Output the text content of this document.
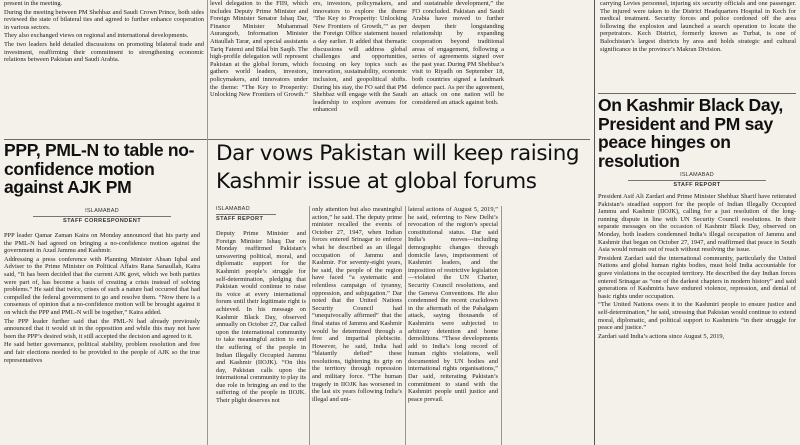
present in the meeting.

During the meeting between PM Shehbaz and Saudi Crown Prince, both sides reviewed the state of bilateral ties and agreed to further enhance cooperation in various sectors.

They also exchanged views on regional and international developments.

The two leaders held detailed discussions on promoting bilateral trade and investment, reaffirming their commitment to strengthening economic relations between Pakistan and Saudi Arabia.

level delegation to the FII9, which includes Deputy Prime Minister and Foreign Minister Senator Ishaq Dar, Finance Minister Muhammad Aurangzeb, Information Minister Attaullah Tarar, and special assistants Tariq Fatemi and Bilal bin Saqib. The high-profile delegation will represent Pakistan at the global forum, which gathers world leaders, investors, policymakers, and innovators under the theme: “The Key to Prosperity: Unlocking New Frontiers of Growth.”

ers, investors, policymakers, and innovators to explore the theme ‘The Key to Prosperity: Unlocking New Frontiers of Growth,’” as per the Foreign Office statement issued a day earlier. It added that thematic discussions will address global challenges and opportunities, focusing on key topics such as innovation, sustainability, economic inclusion, and geopolitical shifts. During his stay, the FO said that PM Shehbaz will engage with the Saudi leadership to explore avenues for enhanced

and sustainable development,” the FO concluded. Pakistan and Saudi Arabia have moved to further deepen their longstanding relationship by expanding cooperation beyond traditional areas of engagement, following a series of agreements signed over the past year. During PM Shehbaz’s visit to Riyadh on September 18, both countries signed a landmark defence pact. As per the agreement, an attack on one nation will be considered an attack against both.

carrying Levies personnel, injuring six security officials and one passenger. The injured were taken to the District Headquarters Hospital in Kech for medical treatment. Security forces and police cordoned off the area following the explosion and launched a search operation to locate the perpetrators. Kech District, formerly known as Turbat, is one of Balochistan’s largest districts by area and holds strategic and cultural significance in the province’s Makran Division.

PPP, PML-N to table no-confidence motion against AJK PM
ISLAMABAD
STAFF CORRESPONDENT

PPP leader Qamar Zaman Kaira on Monday announced that his party and the PML-N had agreed on bringing a no-confidence motion against the government in Azad Jammu and Kashmir.

Addressing a press conference with Planning Minister Ahsan Iqbal and Adviser to the Prime Minister on Political Affairs Rana Sanaullah, Kaira said, “It has been decided that the current AJK govt, which we both parties were part of, has become a basis of creating a crisis instead of solving problems.” He said that twice, crises of such a nature had occurred that had compelled the federal government to go and resolve them. “Now there is a consensus of opinion that a no-confidence motion will be brought against it on which the PPP and PML-N will be together,” Kaira added.

The PPP leader further said that the PML-N had already previously announced that it would sit in the opposition and while this may not have been the PPP’s desired wish, it still accepted the decision and agreed to it.

He said better governance, political stability, problem resolution and free and fair elections needed to be provided to the people of AJK so the true representatives

Dar vows Pakistan will keep raising Kashmir issue at global forums
ISLAMABAD
STAFF REPORT

Deputy Prime Minister and Foreign Minister Ishaq Dar on Monday reaffirmed Pakistan’s unwavering political, moral, and diplomatic support for the Kashmiri people’s struggle for self-determination, pledging that Pakistan would continue to raise its voice at every international forum until their legitimate right is achieved. In his message on Kashmir Black Day, observed annually on October 27, Dar called upon the international community to take meaningful action to end the suffering of the people in Indian Illegally Occupied Jammu and Kashmir (IIOJK). “On this day, Pakistan calls upon the international community to play its due role in bringing an end to the suffering of the people in IIOJK. Their plight deserves not

only attention but also meaningful action,” he said. The deputy prime minister recalled the events of October 27, 1947, when Indian forces entered Srinagar to enforce what he described as an illegal occupation of Jammu and Kashmir. For seventy-eight years, he said, the people of the region have faced “a systematic and relentless campaign of tyranny, oppression, and subjugation.” Dar noted that the United Nations Security Council had “unequivocally affirmed” that the final status of Jammu and Kashmir would be determined through a free and impartial plebiscite. However, he said, India had “blatantly defied” these resolutions, tightening its grip on the territory through repression and military force. “The human tragedy in IIOJK has worsened in the last six years following India’s illegal and uni-

lateral actions of August 5, 2019,” he said, referring to New Delhi’s revocation of the region’s special constitutional status. Dar said India’s moves—including demographic changes through domicile laws, imprisonment of Kashmiri leaders, and the imposition of restrictive legislation—violated the UN Charter, Security Council resolutions, and the Geneva Conventions. He also condemned the recent crackdown in the aftermath of the Pahalgam attack, saying thousands of Kashmiris were subjected to arbitrary detention and home demolitions. “These developments add to India’s long record of human rights violations, well documented by UN bodies and international rights organisations,” Dar said, reiterating Pakistan’s commitment to stand with the Kashmiri people until justice and peace prevail.

On Kashmir Black Day, President and PM say peace hinges on resolution
ISLAMABAD
STAFF REPORT

President Asif Ali Zardari and Prime Minister Shehbaz Sharif have reiterated Pakistan’s steadfast support for the people of Indian Illegally Occupied Jammu and Kashmir (IIOJK), calling for a just resolution of the long-running dispute in line with UN Security Council resolutions. In their separate messages on the occasion of Kashmir Black Day, observed on Monday, both leaders condemned India’s illegal occupation of Jammu and Kashmir that began on October 27, 1947, and reaffirmed that peace in South Asia would remain out of reach without resolving the issue.

President Zardari said the international community, particularly the United Nations and global human rights bodies, must hold India accountable for grave violations in the occupied territory. He described the day Indian forces entered Srinagar as “one of the darkest chapters in modern history” and said generations of Kashmiris have endured violence, repression, and denial of basic rights under occupation.

“The United Nations owes it to the Kashmiri people to ensure justice and self-determination,” he said, stressing that Pakistan would continue to extend moral, diplomatic, and political support to Kashmiris “in their struggle for peace and justice.”

Zardari said India’s actions since August 5, 2019,
